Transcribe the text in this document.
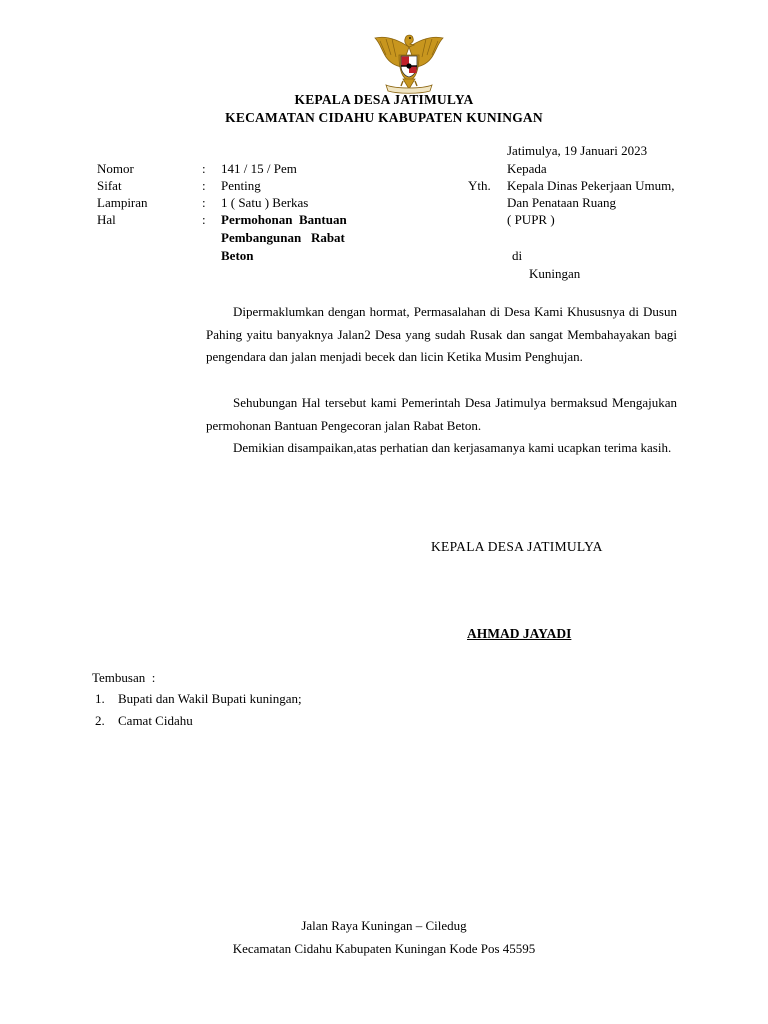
KEPALA DESA JATIMULYA
KECAMATAN CIDAHU KABUPATEN KUNINGAN
Jatimulya, 19 Januari 2023
Nomor
Sifat
Lampiran
Hal
:
:
:
:
141 / 15 / Pem
Penting
1 ( Satu ) Berkas
Permohonan  Bantuan
Pembangunan   Rabat
Beton
Kepada
Yth. Kepala Dinas Pekerjaan Umum,
Dan Penataan Ruang
( PUPR )
di
Kuningan
Dipermaklumkan dengan hormat, Permasalahan di Desa Kami Khususnya di Dusun Pahing yaitu banyaknya Jalan2 Desa yang sudah Rusak dan sangat Membahayakan bagi pengendara dan jalan menjadi becek dan licin Ketika Musim Penghujan.
Sehubungan Hal tersebut kami Pemerintah Desa Jatimulya bermaksud Mengajukan permohonan Bantuan Pengecoran jalan Rabat Beton.
Demikian disampaikan,atas perhatian dan kerjasamanya kami ucapkan terima kasih.
KEPALA DESA JATIMULYA
AHMAD JAYADI
Tembusan  :
1. Bupati dan Wakil Bupati kuningan;
2. Camat Cidahu
Jalan Raya Kuningan – Ciledug
Kecamatan Cidahu Kabupaten Kuningan Kode Pos 45595
